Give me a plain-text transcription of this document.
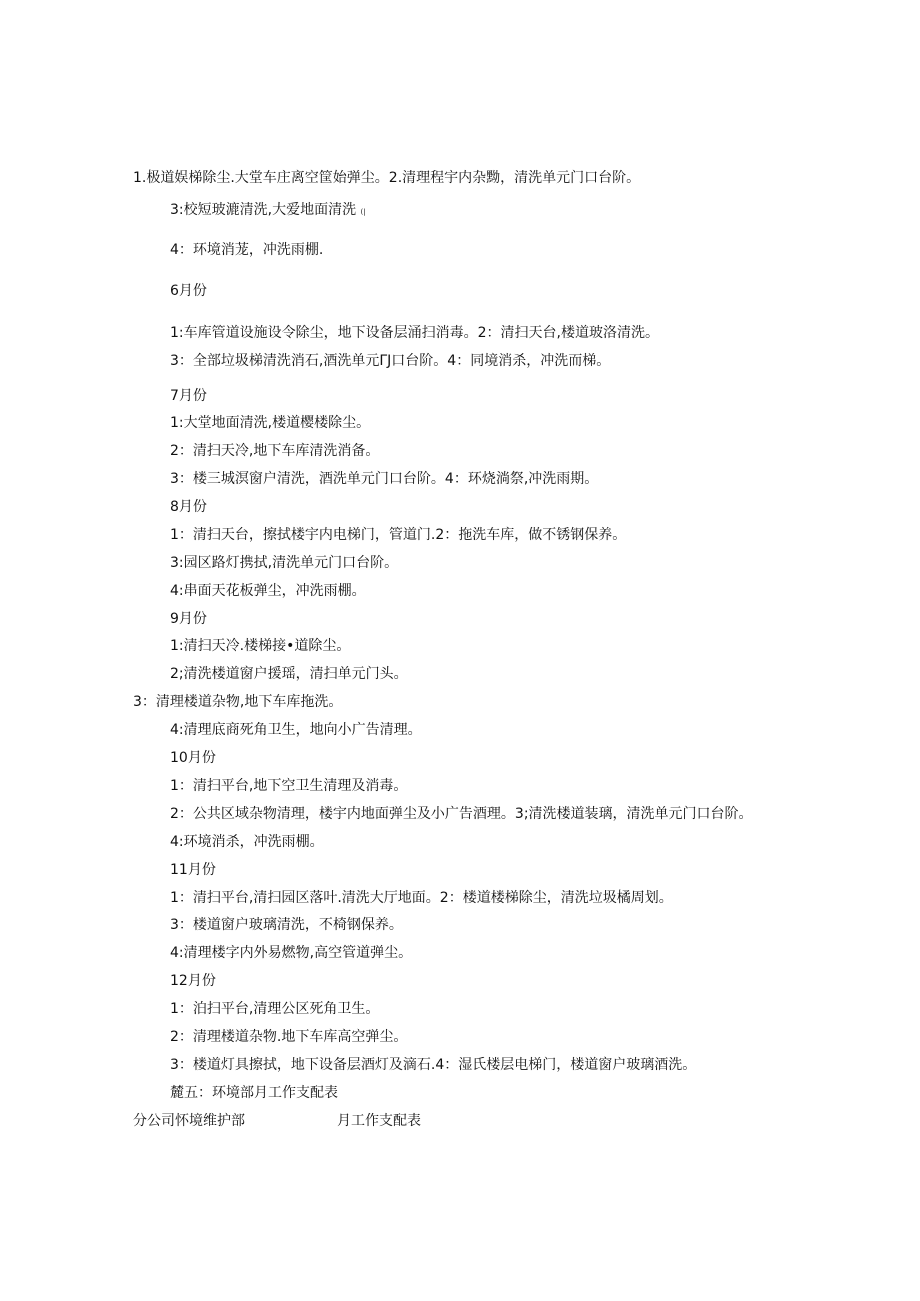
1.极道娱梯除尘.大堂车庄离空筐始弹尘。2.清理程宇内杂黝，清洗单元门口台阶。
3:校短玻漉清洗,大爱地面清洗 (|
4：环境消茏，冲洗雨棚.
6月份
1:车库管道设施设令除尘，地下设备层涌扫消毒。2：清扫天台,楼道玻洛清洗。
3：全部垃圾梯清洗消石,酒洗单元ΓJ口台阶。4：同境消杀，冲洗而梯。
7月份
1:大堂地面清洗,楼道樱楼除尘。
2：清扫天冷,地下车库清洗消备。
3：楼三城溟窗户清洗，酒洗单元门口台阶。4：环烧淌祭,冲洗雨期。
8月份
1：清扫天台，擦拭楼宇内电梯门，管道门.2：拖洗车库，做不锈钢保养。
3:园区路灯携拭,清洗单元门口台阶。
4:串面天花板弹尘，冲洗雨棚。
9月份
1:清扫天冷.楼梯接•道除尘。
2;清洗楼道窗户援瑶，清扫单元门头。
3：清理楼道杂物,地下车库拖洗。
4:清理底商死角卫生，地向小广告清理。
10月份
1：清扫平台,地下空卫生清理及消毒。
2：公共区域杂物清理，楼宇内地面弹尘及小广告酒理。3;清洗楼道装璃，清洗单元门口台阶。
4:环境消杀，冲洗雨棚。
11月份
1：清扫平台,清扫园区落叶.清洗大厅地面。2：楼道楼梯除尘，清洗垃圾橘周划。
3：楼道窗户玻璃清洗，不椅钢保养。
4:清理楼字内外易燃物,高空管道弹尘。
12月份
1：泊扫平台,清理公区死角卫生。
2：清理楼道杂物.地下车库高空弹尘。
3：楼道灯具擦拭，地下设备层酒灯及滴石.4：湿氏楼层电梯门，楼道窗户玻璃酒洗。
麓五：环境部月工作支配表
分公司怀境维护部	月工作支配表
